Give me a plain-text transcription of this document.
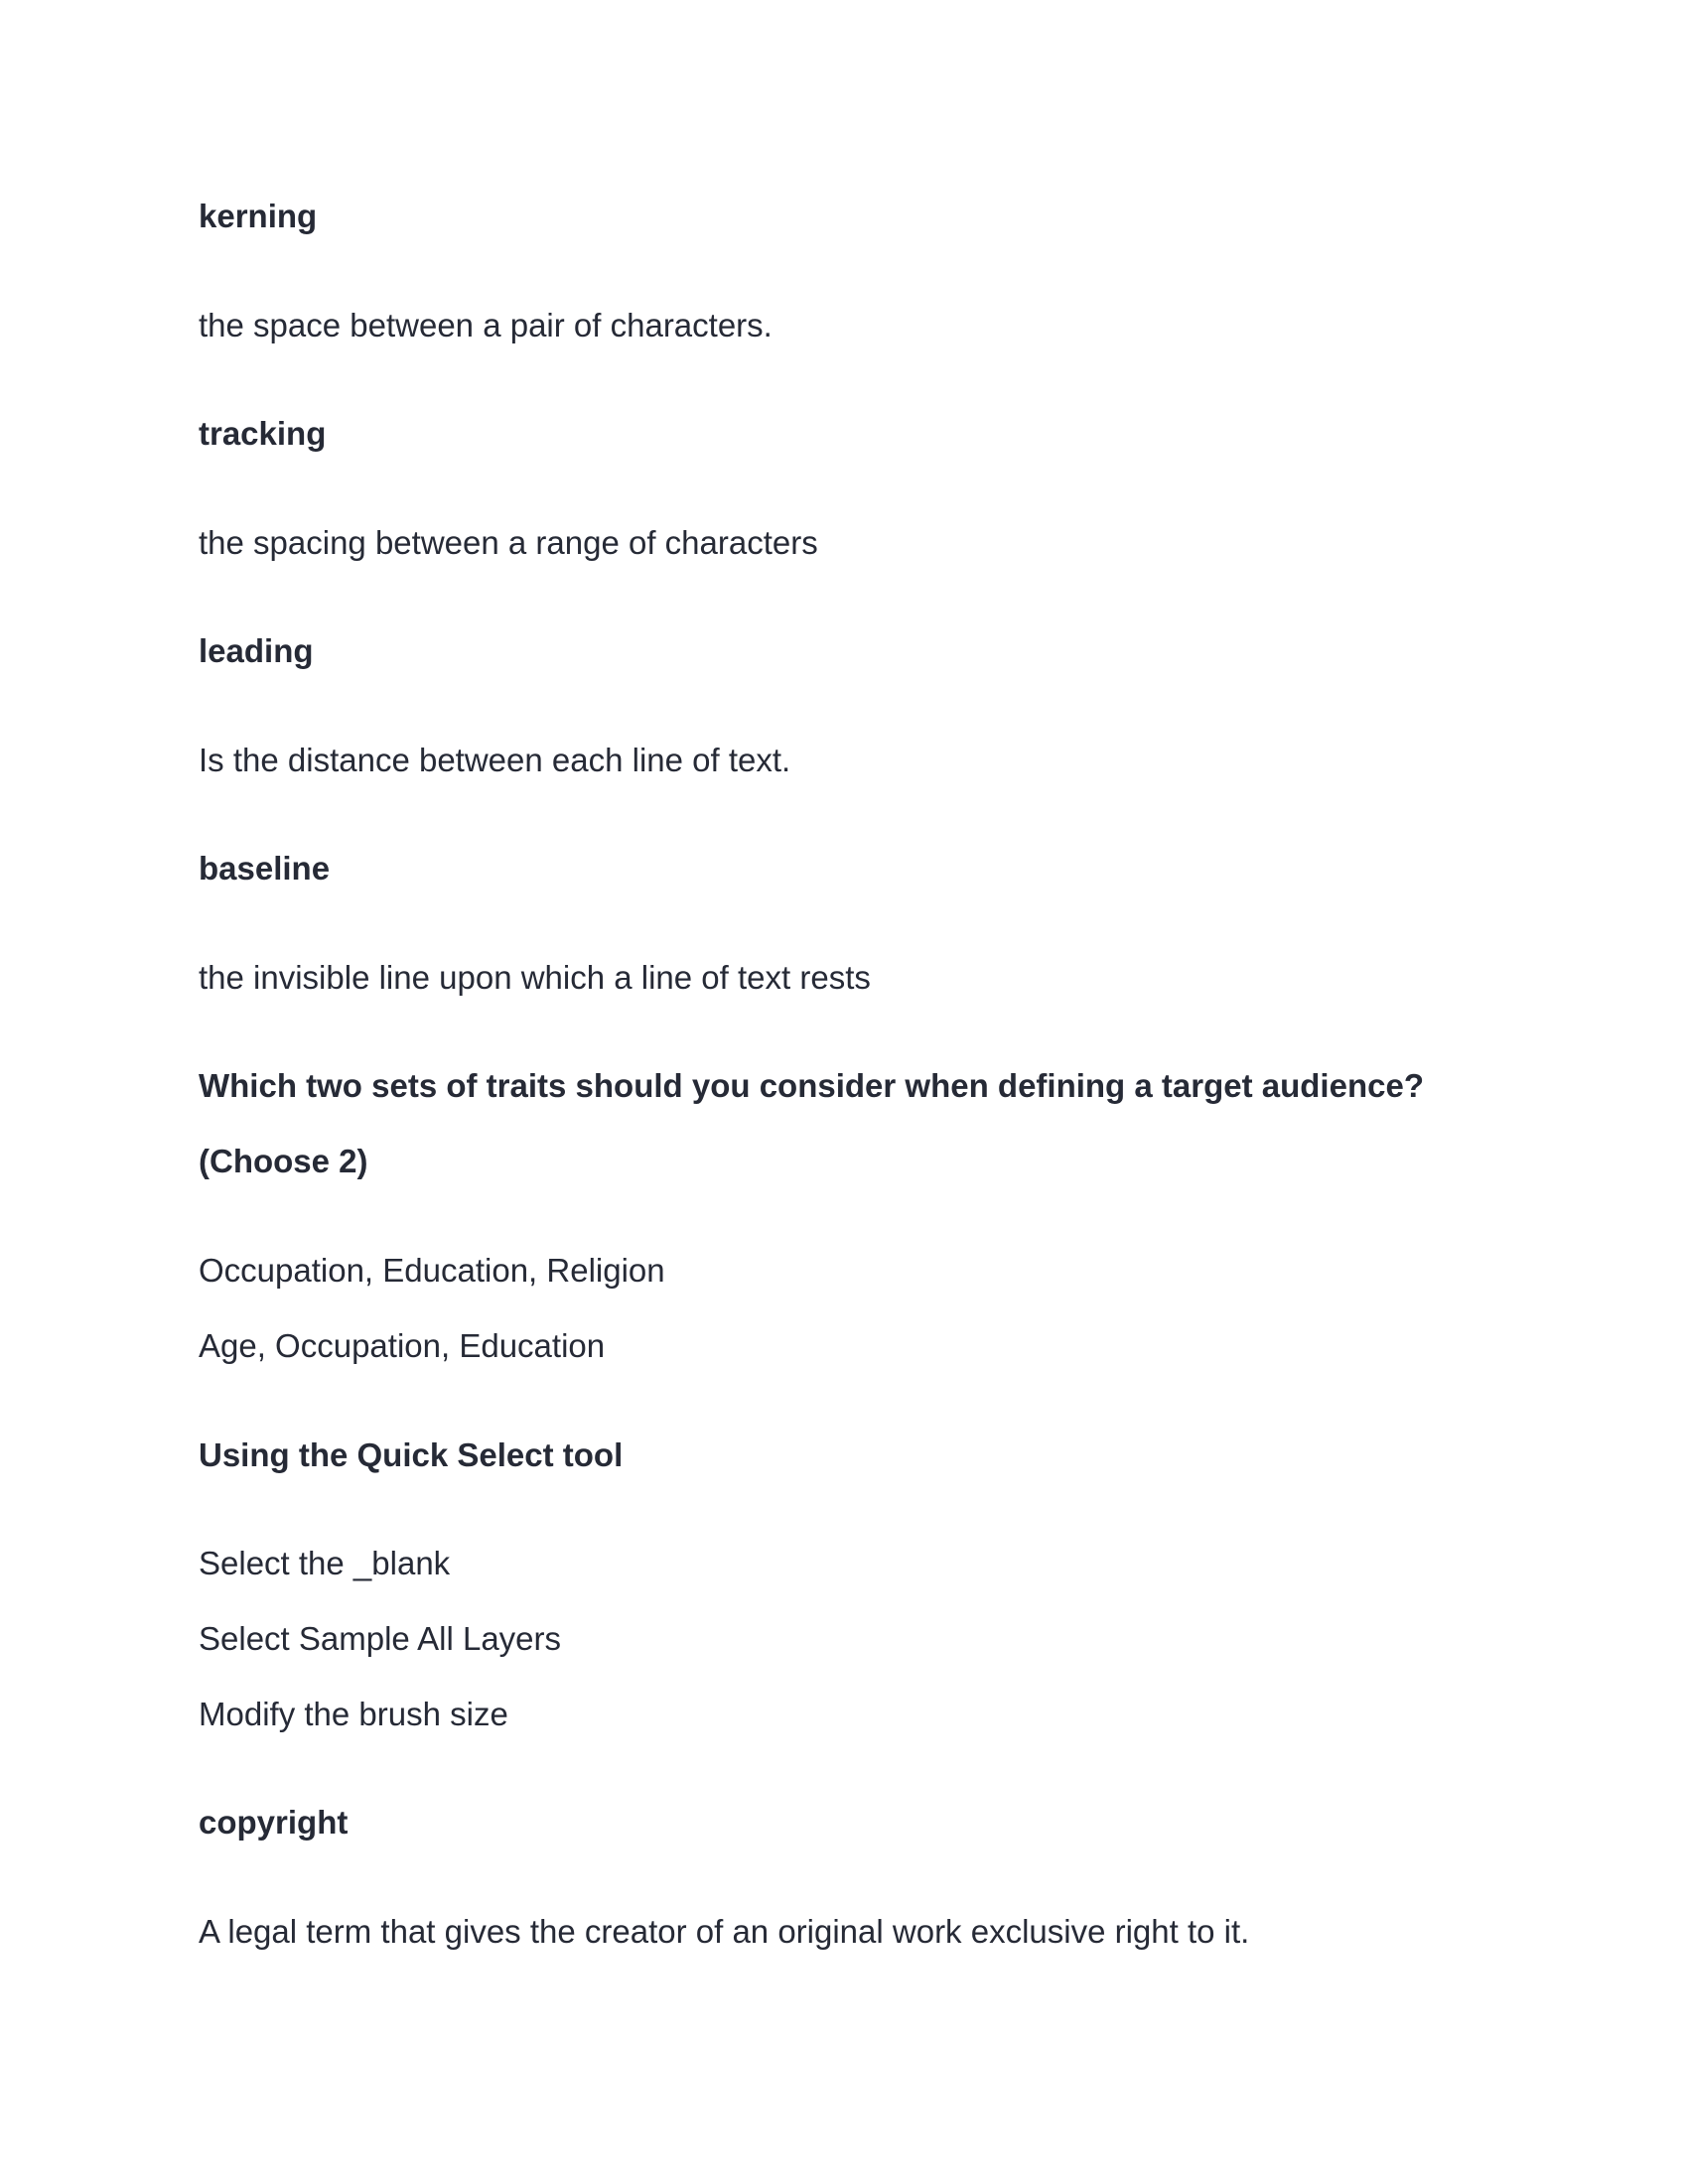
kerning

the space between a pair of characters.

tracking

the spacing between a range of characters

leading

Is the distance between each line of text.

baseline

the invisible line upon which a line of text rests

Which two sets of traits should you consider when defining a target audience?

(Choose 2)

Occupation, Education, Religion

Age, Occupation, Education

Using the Quick Select tool

Select the _blank

Select Sample All Layers

Modify the brush size

copyright

A legal term that gives the creator of an original work exclusive right to it.
